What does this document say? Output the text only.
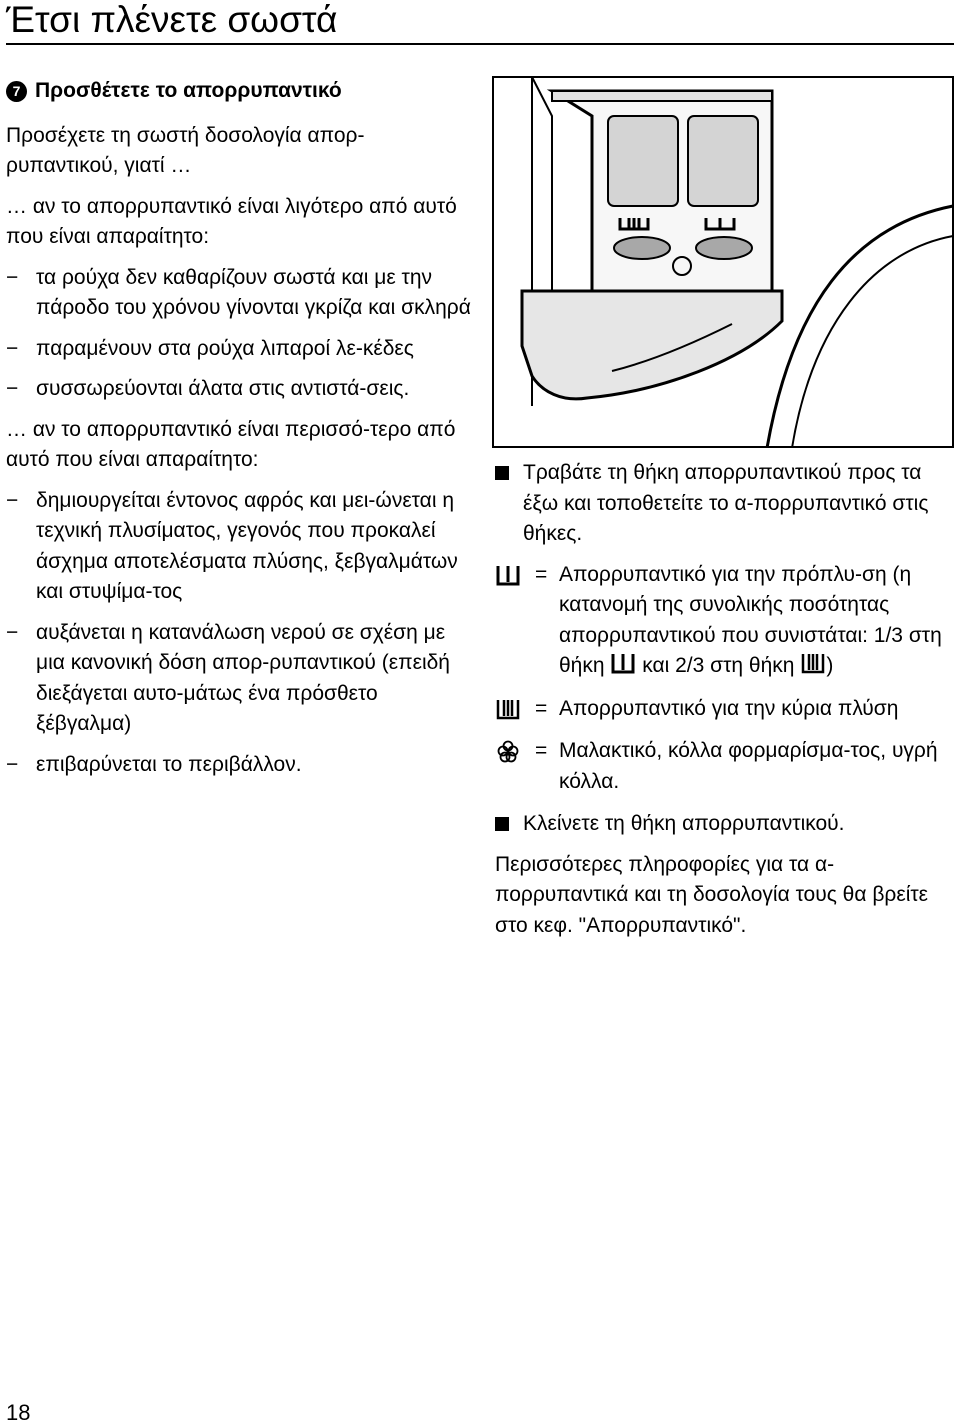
Έτσι πλένετε σωστά
7 Προσθέτετε το απορρυπαντικό

Προσέχετε τη σωστή δοσολογία απορ-ρυπαντικού, γιατί …

… αν το απορρυπαντικό είναι λιγότερο από αυτό που είναι απαραίτητο:

− τα ρούχα δεν καθαρίζουν σωστά και με την πάροδο του χρόνου γίνονται γκρίζα και σκληρά
− παραμένουν στα ρούχα λιπαροί λε-κέδες
− συσσωρεύονται άλατα στις αντιστά-σεις.

… αν το απορρυπαντικό είναι περισσό-τερο από αυτό που είναι απαραίτητο:

− δημιουργείται έντονος αφρός και μει-ώνεται η τεχνική πλυσίματος, γεγονός που προκαλεί άσχημα αποτελέσματα πλύσης, ξεβγαλμάτων και στυψίμα-τος
− αυξάνεται η κατανάλωση νερού σε σχέση με μια κανονική δόση απορ-ρυπαντικού (επειδή διεξάγεται αυτο-μάτως ένα πρόσθετο ξέβγαλμα)
− επιβαρύνεται το περιβάλλον.
Τραβάτε τη θήκη απορρυπαντικού προς τα έξω και τοποθετείτε το α-πορρυπαντικό στις θήκες.
= Απορρυπαντικό για την πρόπλυ-ση (η κατανομή της συνολικής ποσότητας απορρυπαντικού που συνιστάται: 1/3 στη θήκη και 2/3 στη θήκη )
= Απορρυπαντικό για την κύρια πλύση
= Μαλακτικό, κόλλα φορμαρίσμα-τος, υγρή κόλλα.
Κλείνετε τη θήκη απορρυπαντικού.

Περισσότερες πληροφορίες για τα α-πορρυπαντικά και τη δοσολογία τους θα βρείτε στο κεφ. "Απορρυπαντικό".

18
